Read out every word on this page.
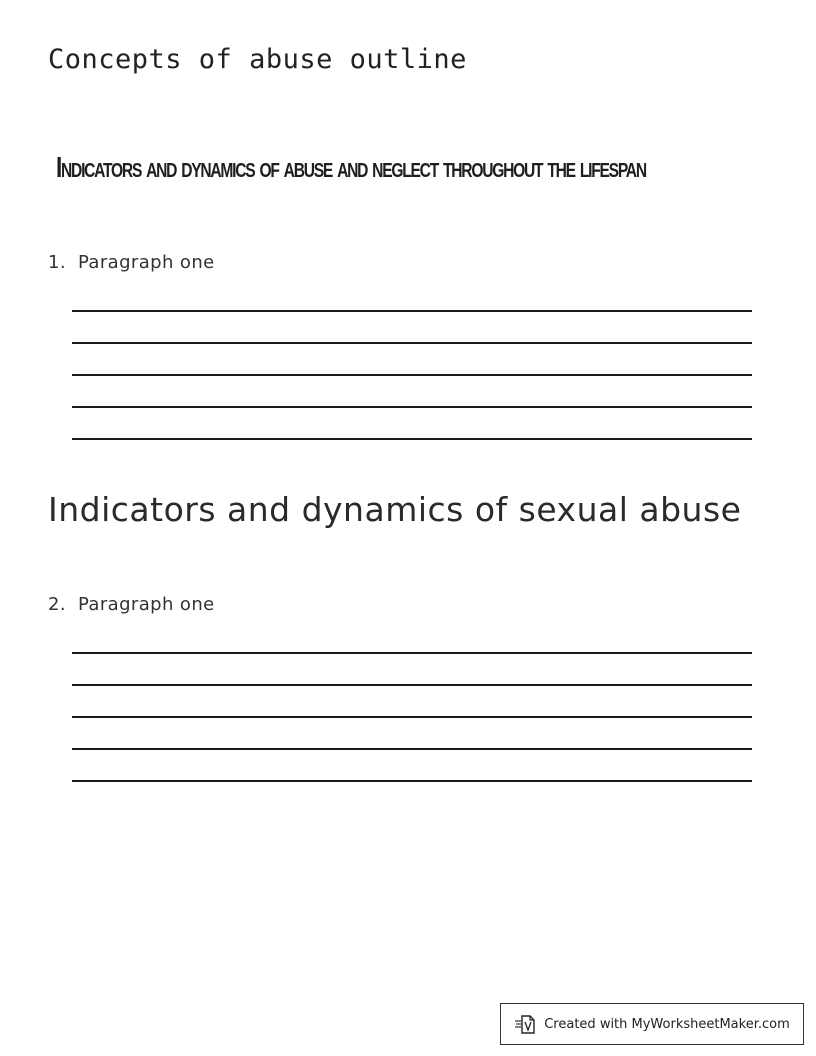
Concepts of abuse outline
Indicators and dynamics of abuse and neglect throughout the lifespan
1. Paragraph one
Indicators and dynamics of sexual abuse
2. Paragraph one
Created with MyWorksheetMaker.com
